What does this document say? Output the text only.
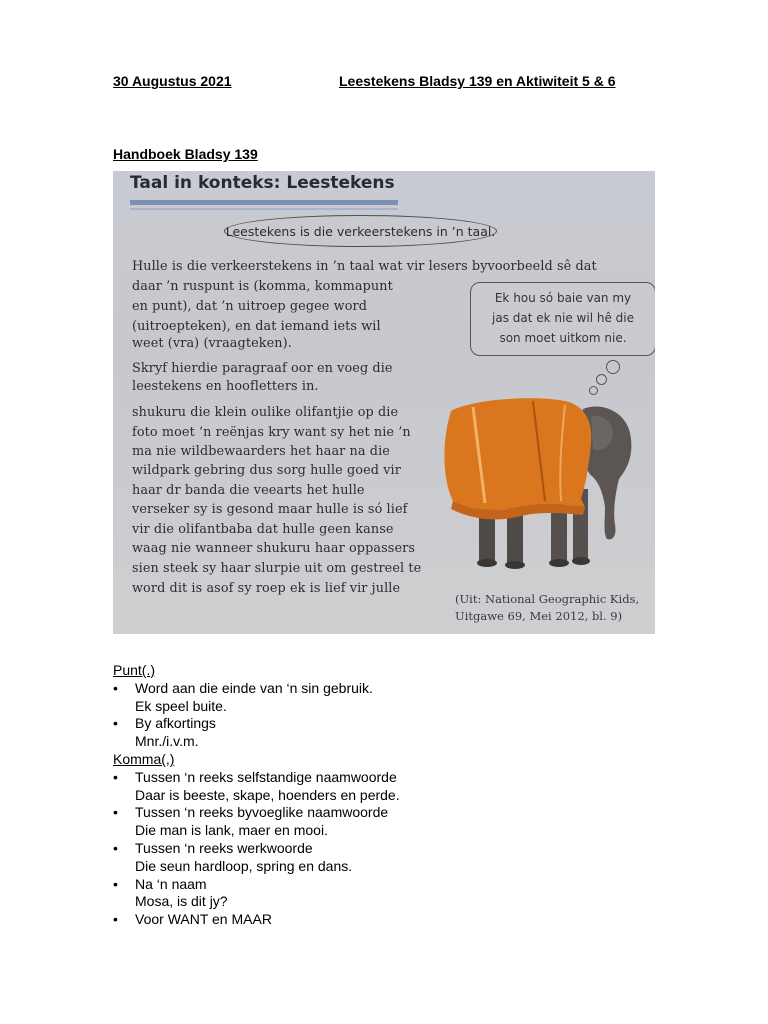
30 Augustus 2021	Leestekens Bladsy 139 en Aktiwiteit 5 & 6
Handboek Bladsy 139
Taal in konteks: Leestekens
Leestekens is die verkeerstekens in ’n taal.
Hulle is die verkeerstekens in ’n taal wat vir lesers byvoorbeeld sê dat
daar ’n ruspunt is (komma, kommapunt
en punt), dat ’n uitroep gegee word
(uitroepteken), en dat iemand iets wil
weet (vra) (vraagteken).
Skryf hierdie paragraaf oor en voeg die
leestekens en hoofletters in.
shukuru die klein oulike olifantjie op die
foto moet ’n reënjas kry want sy het nie ’n
ma nie wildbewaarders het haar na die
wildpark gebring dus sorg hulle goed vir
haar dr banda die veearts het hulle
verseker sy is gesond maar hulle is só lief
vir die olifantbaba dat hulle geen kanse
waag nie wanneer shukuru haar oppassers
sien steek sy haar slurpie uit om gestreel te
word dit is asof sy roep ek is lief vir julle
Ek hou só baie van my
jas dat ek nie wil hê die
son moet uitkom nie.
(Uit: National Geographic Kids,
Uitgawe 69, Mei 2012, bl. 9)
Punt(.)
• Word aan die einde van ‘n sin gebruik.
Ek speel buite.
• By afkortings
Mnr./i.v.m.
Komma(,)
• Tussen ‘n reeks selfstandige naamwoorde
Daar is beeste, skape, hoenders en perde.
• Tussen ‘n reeks byvoeglike naamwoorde
Die man is lank, maer en mooi.
• Tussen ‘n reeks werkwoorde
Die seun hardloop, spring en dans.
• Na ‘n naam
Mosa, is dit jy?
• Voor WANT en MAAR
